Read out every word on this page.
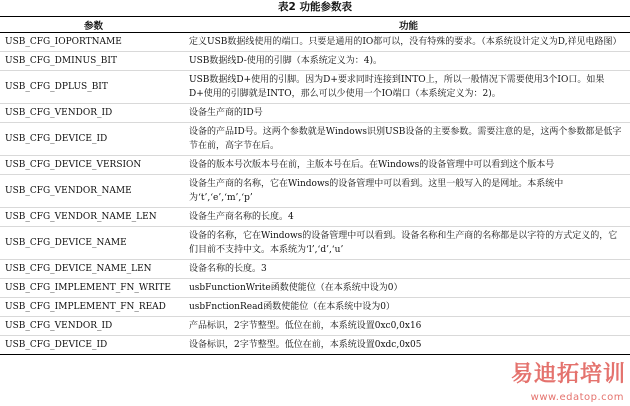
表2 功能参数表
参数	功能
USB_CFG_IOPORTNAME	定义USB数据线使用的端口。只要是通用的IO都可以，没有特殊的要求。（本系统设计定义为D,祥见电路图）
USB_CFG_DMINUS_BIT	USB数据线D-使用的引脚（本系统定义为：4)。
USB_CFG_DPLUS_BIT	USB数据线D+使用的引脚。因为D+要求同时连接到INTO上，所以一般情况下需要使用3个IO口。如果D+使用的引脚就是INTO，那么可以少使用一个IO端口（本系统定义为：2)。
USB_CFG_VENDOR_ID	设备生产商的ID号
USB_CFG_DEVICE_ID	设备的产品ID号。这两个参数就是Windows识别USB设备的主要参数。需要注意的是，这两个参数都是低字节在前，高字节在后。
USB_CFG_DEVICE_VERSION	设备的版本号次版本号在前，主版本号在后。在Windows的设备管理中可以看到这个版本号
USB_CFG_VENDOR_NAME	设备生产商的名称，它在Windows的设备管理中可以看到。这里一般写入的是网址。本系统中为‘t’,‘e’,‘m’,‘p’
USB_CFG_VENDOR_NAME_LEN	设备生产商名称的长度。4
USB_CFG_DEVICE_NAME	设备的名称，它在Windows的设备管理中可以看到。设备名称和生产商的名称都是以字符的方式定义的，它们目前不支持中文。本系统为‘l’,‘d’,‘u’
USB_CFG_DEVICE_NAME_LEN	设备名称的长度。3
USB_CFG_IMPLEMENT_FN_WRITE	usbFunctionWrite函数使能位（在本系统中设为0）
USB_CFG_IMPLEMENT_FN_READ	usbFnctionRead函数使能位（在本系统中设为0）
USB_CFG_VENDOR_ID	产品标识，2字节整型。低位在前，本系统设置0xc0,0x16
USB_CFG_DEVICE_ID	设备标识，2字节整型。低位在前，本系统设置0xdc,0x05
易迪拓培训
www.edatop.com
